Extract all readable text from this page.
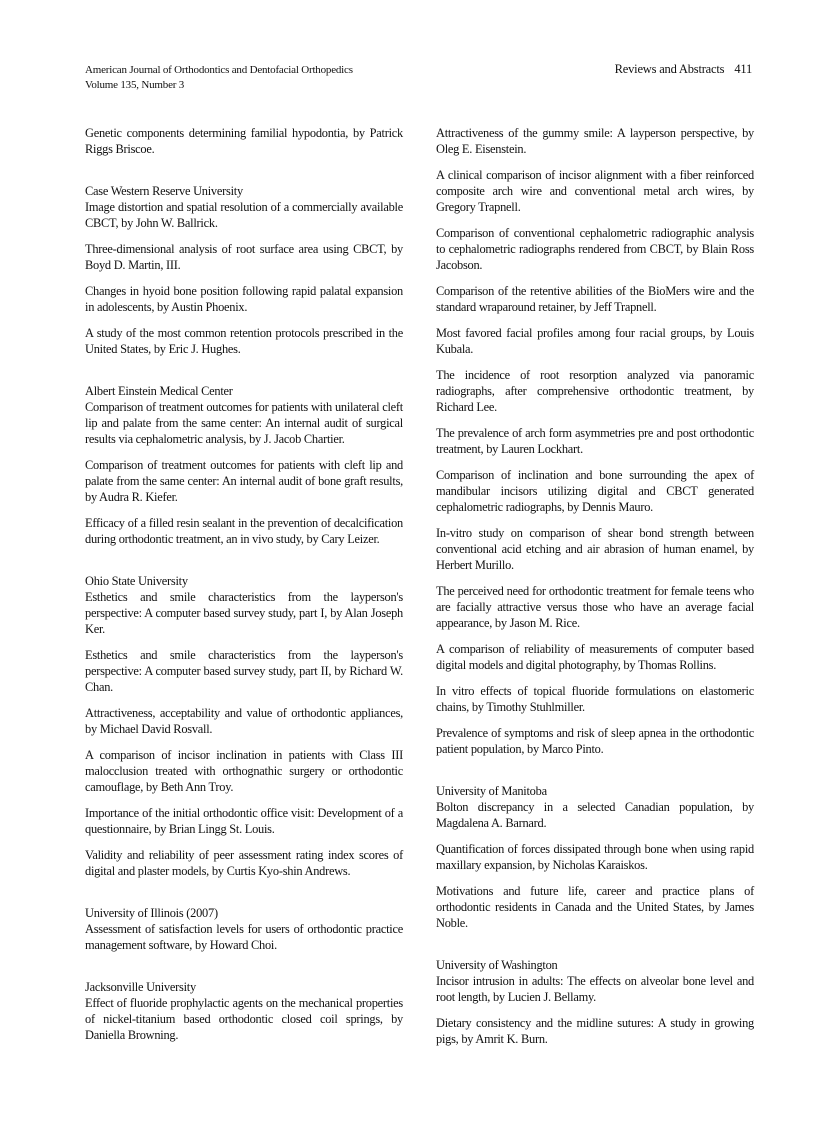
American Journal of Orthodontics and Dentofacial Orthopedics
Volume 135, Number 3
Reviews and Abstracts 411

Genetic components determining familial hypodontia, by Patrick Riggs Briscoe.

Case Western Reserve University

Image distortion and spatial resolution of a commercially available CBCT, by John W. Ballrick.

Three-dimensional analysis of root surface area using CBCT, by Boyd D. Martin, III.

Changes in hyoid bone position following rapid palatal expansion in adolescents, by Austin Phoenix.

A study of the most common retention protocols prescribed in the United States, by Eric J. Hughes.

Albert Einstein Medical Center

Comparison of treatment outcomes for patients with unilateral cleft lip and palate from the same center: An internal audit of surgical results via cephalometric analysis, by J. Jacob Chartier.

Comparison of treatment outcomes for patients with cleft lip and palate from the same center: An internal audit of bone graft results, by Audra R. Kiefer.

Efficacy of a filled resin sealant in the prevention of decalcification during orthodontic treatment, an in vivo study, by Cary Leizer.

Ohio State University

Esthetics and smile characteristics from the layperson's perspective: A computer based survey study, part I, by Alan Joseph Ker.

Esthetics and smile characteristics from the layperson's perspective: A computer based survey study, part II, by Richard W. Chan.

Attractiveness, acceptability and value of orthodontic appliances, by Michael David Rosvall.

A comparison of incisor inclination in patients with Class III malocclusion treated with orthognathic surgery or orthodontic camouflage, by Beth Ann Troy.

Importance of the initial orthodontic office visit: Development of a questionnaire, by Brian Lingg St. Louis.

Validity and reliability of peer assessment rating index scores of digital and plaster models, by Curtis Kyo-shin Andrews.

University of Illinois (2007)

Assessment of satisfaction levels for users of orthodontic practice management software, by Howard Choi.

Jacksonville University

Effect of fluoride prophylactic agents on the mechanical properties of nickel-titanium based orthodontic closed coil springs, by Daniella Browning.

Attractiveness of the gummy smile: A layperson perspective, by Oleg E. Eisenstein.

A clinical comparison of incisor alignment with a fiber reinforced composite arch wire and conventional metal arch wires, by Gregory Trapnell.

Comparison of conventional cephalometric radiographic analysis to cephalometric radiographs rendered from CBCT, by Blain Ross Jacobson.

Comparison of the retentive abilities of the BioMers wire and the standard wraparound retainer, by Jeff Trapnell.

Most favored facial profiles among four racial groups, by Louis Kubala.

The incidence of root resorption analyzed via panoramic radiographs, after comprehensive orthodontic treatment, by Richard Lee.

The prevalence of arch form asymmetries pre and post orthodontic treatment, by Lauren Lockhart.

Comparison of inclination and bone surrounding the apex of mandibular incisors utilizing digital and CBCT generated cephalometric radiographs, by Dennis Mauro.

In-vitro study on comparison of shear bond strength between conventional acid etching and air abrasion of human enamel, by Herbert Murillo.

The perceived need for orthodontic treatment for female teens who are facially attractive versus those who have an average facial appearance, by Jason M. Rice.

A comparison of reliability of measurements of computer based digital models and digital photography, by Thomas Rollins.

In vitro effects of topical fluoride formulations on elastomeric chains, by Timothy Stuhlmiller.

Prevalence of symptoms and risk of sleep apnea in the orthodontic patient population, by Marco Pinto.

University of Manitoba

Bolton discrepancy in a selected Canadian population, by Magdalena A. Barnard.

Quantification of forces dissipated through bone when using rapid maxillary expansion, by Nicholas Karaiskos.

Motivations and future life, career and practice plans of orthodontic residents in Canada and the United States, by James Noble.

University of Washington

Incisor intrusion in adults: The effects on alveolar bone level and root length, by Lucien J. Bellamy.

Dietary consistency and the midline sutures: A study in growing pigs, by Amrit K. Burn.
